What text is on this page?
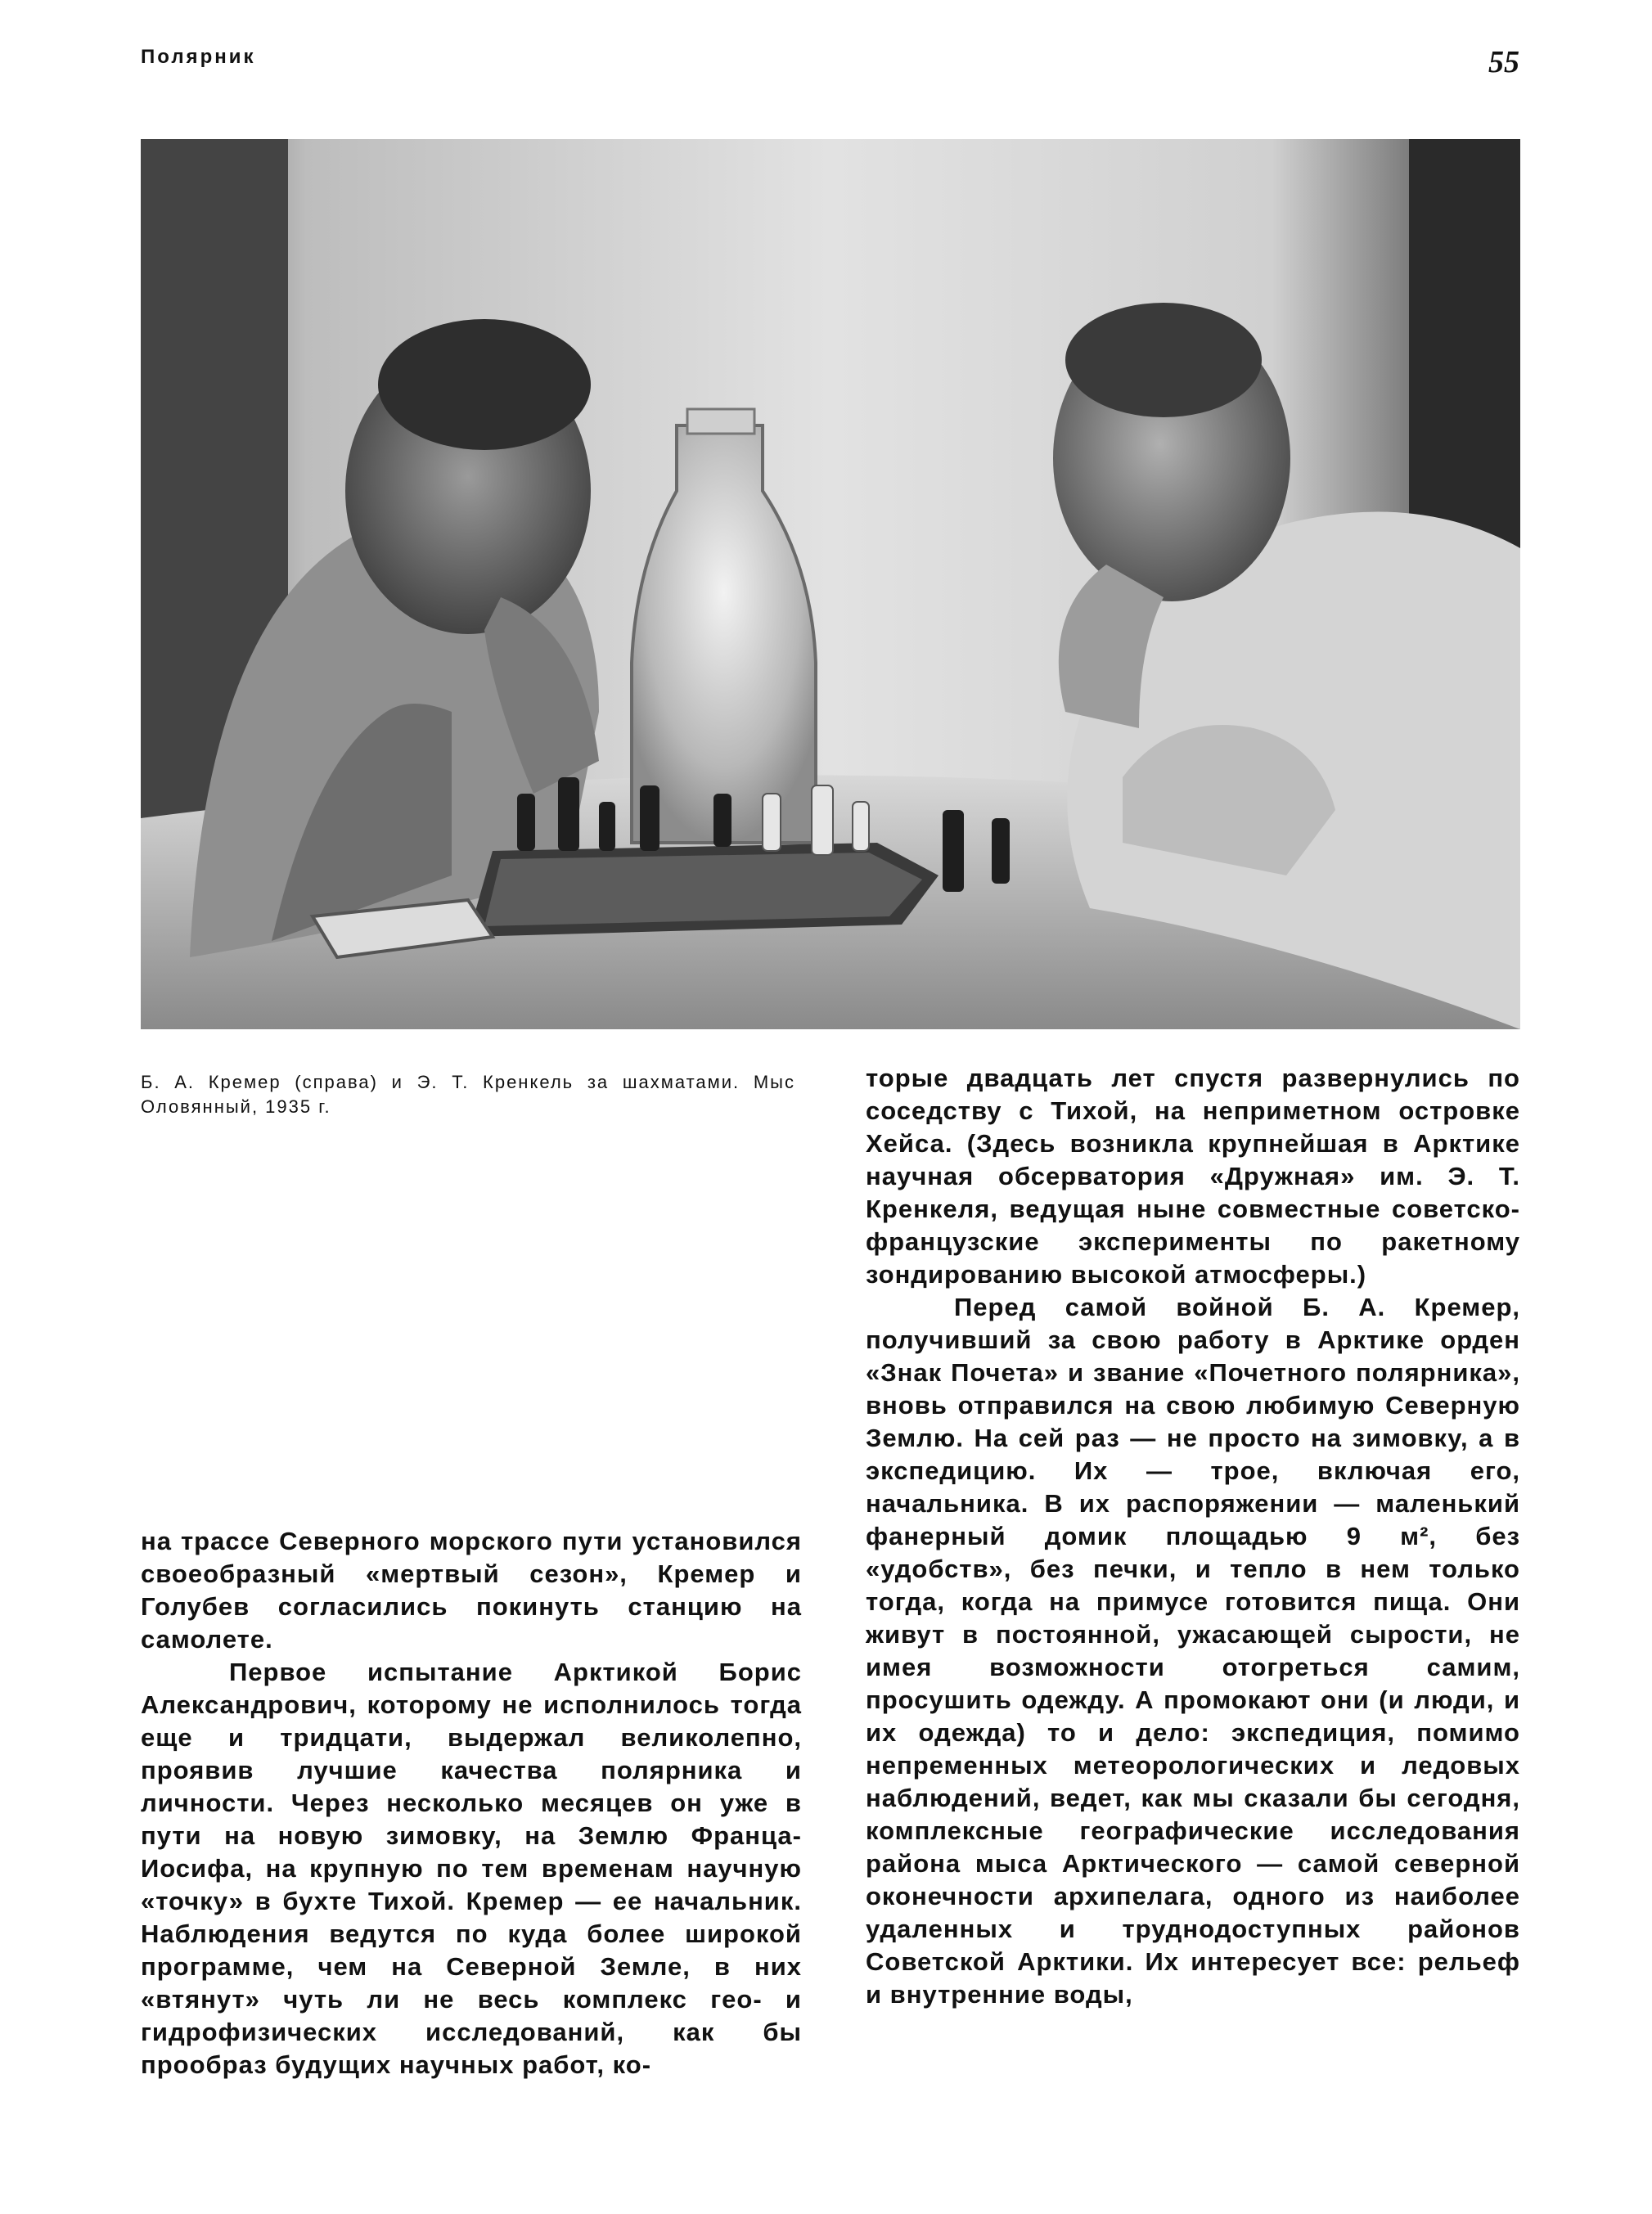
Полярник	55
Б. А. Кремер (справа) и Э. Т. Кренкель за шахматами. Мыс Оловянный, 1935 г.

на трассе Северного морского пути установился своеобразный «мертвый сезон», Кремер и Голубев согласились покинуть станцию на самолете.

Первое испытание Арктикой Борис Александрович, которому не исполнилось тогда еще и тридцати, выдержал великолепно, проявив лучшие качества полярника и личности. Через несколько месяцев он уже в пути на новую зимовку, на Землю Франца-Иосифа, на крупную по тем временам научную «точку» в бухте Тихой. Кремер — ее начальник. Наблюдения ведутся по куда более широкой программе, чем на Северной Земле, в них «втянут» чуть ли не весь комплекс гео- и гидрофизических исследований, как бы прообраз будущих научных работ, ко-

торые двадцать лет спустя развернулись по соседству с Тихой, на неприметном островке Хейса. (Здесь возникла крупнейшая в Арктике научная обсерватория «Дружная» им. Э. Т. Кренкеля, ведущая ныне совместные советско-французские эксперименты по ракетному зондированию высокой атмосферы.)

Перед самой войной Б. А. Кремер, получивший за свою работу в Арктике орден «Знак Почета» и звание «Почетного полярника», вновь отправился на свою любимую Северную Землю. На сей раз — не просто на зимовку, а в экспедицию. Их — трое, включая его, начальника. В их распоряжении — маленький фанерный домик площадью 9 м², без «удобств», без печки, и тепло в нем только тогда, когда на примусе готовится пища. Они живут в постоянной, ужасающей сырости, не имея возможности отогреться самим, просушить одежду. А промокают они (и люди, и их одежда) то и дело: экспедиция, помимо непременных метеорологических и ледовых наблюдений, ведет, как мы сказали бы сегодня, комплексные географические исследования района мыса Арктического — самой северной оконечности архипелага, одного из наиболее удаленных и труднодоступных районов Советской Арктики. Их интересует все: рельеф и внутренние воды,
